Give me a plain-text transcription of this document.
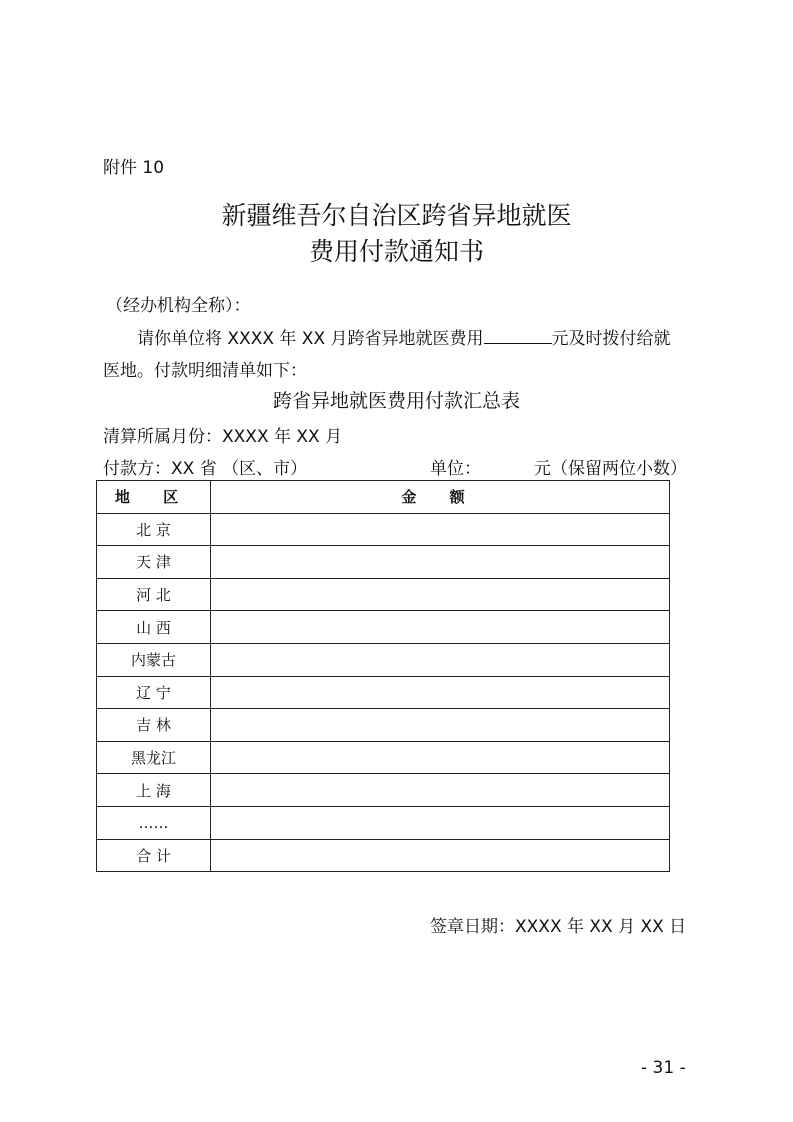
附件 10
新疆维吾尔自治区跨省异地就医
费用付款通知书
（经办机构全称）：
请你单位将 XXXX 年 XX 月跨省异地就医费用	元及时拨付给就
医地。付款明细清单如下：
跨省异地就医费用付款汇总表
清算所属月份：XXXX 年 XX 月
付款方：XX 省 （区、市）	单位：	元（保留两位小数）
地 区	金 额
北 京	
天 津	
河 北	
山 西	
内蒙古	
辽 宁	
吉 林	
黑龙江	
上 海	
……	
合 计	
签章日期：XXXX 年 XX 月 XX 日
- 31 -
